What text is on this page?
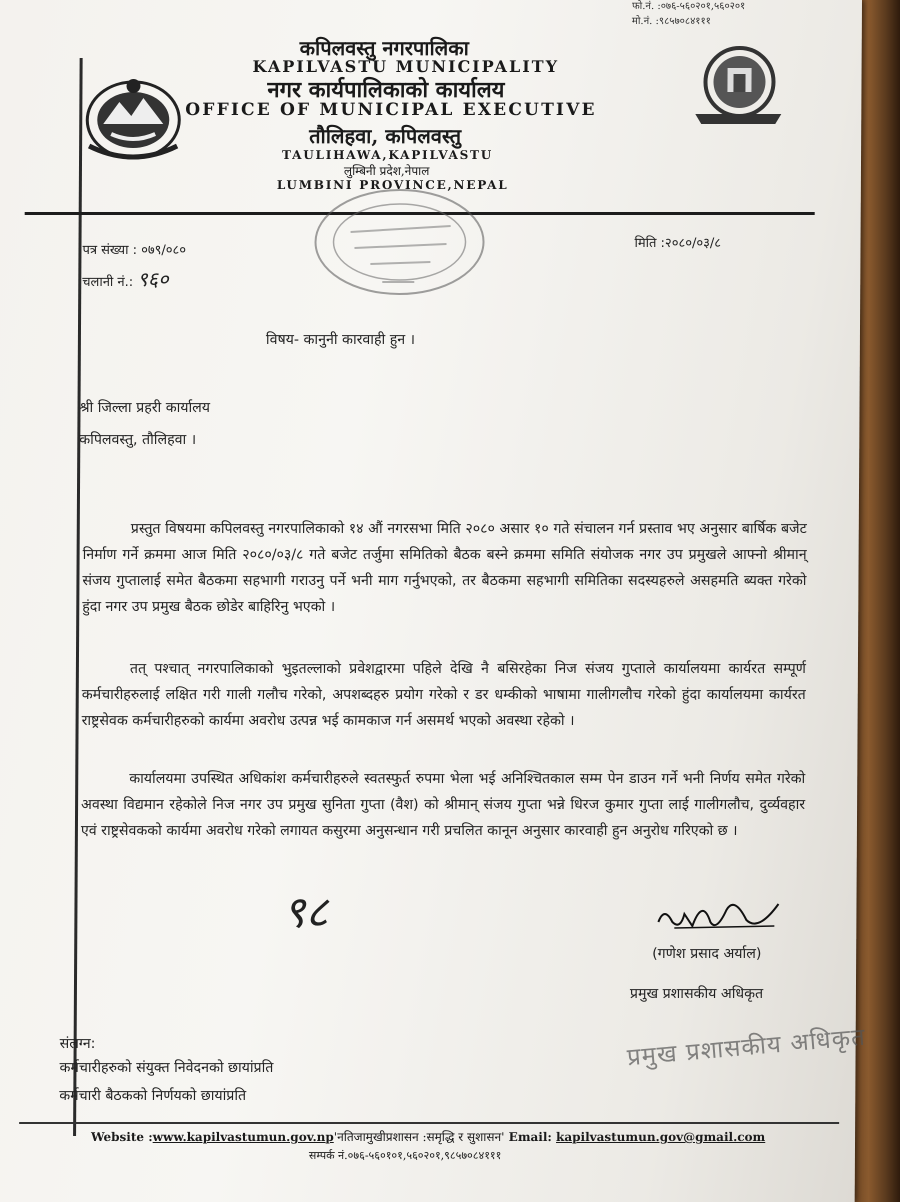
फो.नं. :०७६-५६०२०१,५६०२०१
मो.नं. :९८५७०८४१११
कपिलवस्तु नगरपालिका
KAPILVASTU MUNICIPALITY
नगर कार्यपालिकाको कार्यालय
OFFICE OF MUNICIPAL EXECUTIVE
तौलिहवा, कपिलवस्तु
TAULIHAWA,KAPILVASTU
लुम्बिनी प्रदेश,नेपाल
LUMBINI PROVINCE,NEPAL
पत्र संख्या : ०७९/०८०
चलानी नं.: ९६०
मिति :२०८०/०३/८
विषय- कानुनी कारवाही हुन ।
श्री जिल्ला प्रहरी कार्यालय
कपिलवस्तु, तौलिहवा ।

प्रस्तुत विषयमा कपिलवस्तु नगरपालिकाको १४ औं नगरसभा मिति २०८० असार १० गते संचालन गर्न प्रस्ताव भए अनुसार बार्षिक बजेट निर्माण गर्ने क्रममा आज मिति २०८०/०३/८ गते बजेट तर्जुमा समितिको बैठक बस्ने क्रममा समिति संयोजक नगर उप प्रमुखले आफ्नो श्रीमान् संजय गुप्तालाई समेत बैठकमा सहभागी गराउनु पर्ने भनी माग गर्नुभएको, तर बैठकमा सहभागी समितिका सदस्यहरुले असहमति ब्यक्त गरेको हुंदा नगर उप प्रमुख बैठक छोडेर बाहिरिनु भएको ।

तत् पश्चात् नगरपालिकाको भुइतल्लाको प्रवेशद्वारमा पहिले देखि नै बसिरहेका निज संजय गुप्ताले कार्यालयमा कार्यरत सम्पूर्ण कर्मचारीहरुलाई लक्षित गरी गाली गलौच गरेको, अपशब्दहरु प्रयोग गरेको र डर धम्कीको भाषामा गालीगलौच गरेको हुंदा कार्यालयमा कार्यरत राष्ट्रसेवक कर्मचारीहरुको कार्यमा अवरोध उत्पन्न भई कामकाज गर्न असमर्थ भएको अवस्था रहेको ।

कार्यालयमा उपस्थित अधिकांश कर्मचारीहरुले स्वतस्फुर्त रुपमा भेला भई अनिश्चितकाल सम्म पेन डाउन गर्ने भनी निर्णय समेत गरेको अवस्था विद्यमान रहेकोले निज नगर उप प्रमुख सुनिता गुप्ता (वैश) को श्रीमान् संजय गुप्ता भन्ने धिरज कुमार गुप्ता लाई गालीगलौच, दुर्व्यवहार एवं राष्ट्रसेवकको कार्यमा अवरोध गरेको लगायत कसुरमा अनुसन्धान गरी प्रचलित कानून अनुसार कारवाही हुन अनुरोध गरिएको छ ।

९८
(गणेश प्रसाद अर्याल)
प्रमुख प्रशासकीय अधिकृत
प्रमुख प्रशासकीय अधिकृत
संलग्न:
कर्मचारीहरुको संयुक्त निवेदनको छायांप्रति
कर्मचारी बैठकको निर्णयको छायांप्रति
Website :www.kapilvastumun.gov.np'नतिजामुखीप्रशासन :समृद्धि र सुशासन' Email: kapilvastumun.gov@gmail.com
सम्पर्क नं.०७६-५६०१०१,५६०२०१,९८५७०८४१११
